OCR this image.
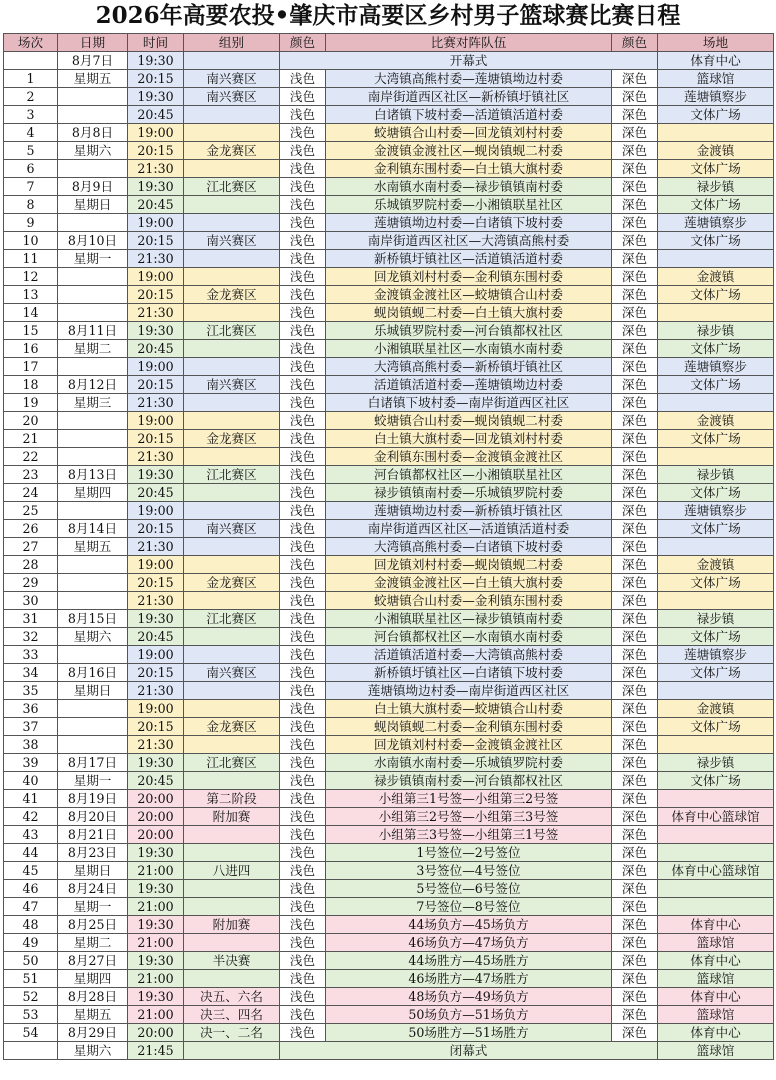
2026年高要农投•肇庆市高要区乡村男子篮球赛比赛日程
场次	日期	时间	组别	颜色	比赛对阵队伍	颜色	场地
	8月7日	19:30		开幕式			体育中心
1	星期五	20:15	南兴赛区	浅色	大湾镇高熊村委—莲塘镇坳边村委	深色	篮球馆
2		19:30	南兴赛区	浅色	南岸街道西区社区—新桥镇圩镇社区	深色	莲塘镇察步
3		20:45		浅色	白诸镇下坡村委—活道镇活道村委	深色	文体广场
4	8月8日	19:00		浅色	蛟塘镇合山村委—回龙镇刘村村委	深色	
5	星期六	20:15	金龙赛区	浅色	金渡镇金渡社区—蚬岗镇蚬二村委	深色	金渡镇
6		21:30		浅色	金利镇东围村委—白土镇大旗村委	深色	文体广场
7	8月9日	19:30	江北赛区	浅色	水南镇水南村委—禄步镇镇南村委	深色	禄步镇
8	星期日	20:45		浅色	乐城镇罗院村委—小湘镇联星社区	深色	文体广场
9		19:00		浅色	莲塘镇坳边村委—白诸镇下坡村委	深色	莲塘镇察步
10	8月10日	20:15	南兴赛区	浅色	南岸街道西区社区—大湾镇高熊村委	深色	文体广场
11	星期一	21:30		浅色	新桥镇圩镇社区—活道镇活道村委	深色	
12		19:00		浅色	回龙镇刘村村委—金利镇东围村委	深色	金渡镇
13		20:15	金龙赛区	浅色	金渡镇金渡社区—蛟塘镇合山村委	深色	文体广场
14		21:30		浅色	蚬岗镇蚬二村委—白土镇大旗村委	深色	
15	8月11日	19:30	江北赛区	浅色	乐城镇罗院村委—河台镇都权社区	深色	禄步镇
16	星期二	20:45		浅色	小湘镇联星社区—水南镇水南村委	深色	文体广场
17		19:00		浅色	大湾镇高熊村委—新桥镇圩镇社区	深色	莲塘镇察步
18	8月12日	20:15	南兴赛区	浅色	活道镇活道村委—莲塘镇坳边村委	深色	文体广场
19	星期三	21:30		浅色	白诸镇下坡村委—南岸街道西区社区	深色	
20		19:00		浅色	蛟塘镇合山村委—蚬岗镇蚬二村委	深色	金渡镇
21		20:15	金龙赛区	浅色	白土镇大旗村委—回龙镇刘村村委	深色	文体广场
22		21:30		浅色	金利镇东围村委—金渡镇金渡社区	深色	
23	8月13日	19:30	江北赛区	浅色	河台镇都权社区—小湘镇联星社区	深色	禄步镇
24	星期四	20:45		浅色	禄步镇镇南村委—乐城镇罗院村委	深色	文体广场
25		19:00		浅色	莲塘镇坳边村委—新桥镇圩镇社区	深色	莲塘镇察步
26	8月14日	20:15	南兴赛区	浅色	南岸街道西区社区—活道镇活道村委	深色	文体广场
27	星期五	21:30		浅色	大湾镇高熊村委—白诸镇下坡村委	深色	
28		19:00		浅色	回龙镇刘村村委—蚬岗镇蚬二村委	深色	金渡镇
29		20:15	金龙赛区	浅色	金渡镇金渡社区—白土镇大旗村委	深色	文体广场
30		21:30		浅色	蛟塘镇合山村委—金利镇东围村委	深色	
31	8月15日	19:30	江北赛区	浅色	小湘镇联星社区—禄步镇镇南村委	深色	禄步镇
32	星期六	20:45		浅色	河台镇都权社区—水南镇水南村委	深色	文体广场
33		19:00		浅色	活道镇活道村委—大湾镇高熊村委	深色	莲塘镇察步
34	8月16日	20:15	南兴赛区	浅色	新桥镇圩镇社区—白诸镇下坡村委	深色	文体广场
35	星期日	21:30		浅色	莲塘镇坳边村委—南岸街道西区社区	深色	
36		19:00		浅色	白土镇大旗村委—蛟塘镇合山村委	深色	金渡镇
37		20:15	金龙赛区	浅色	蚬岗镇蚬二村委—金利镇东围村委	深色	文体广场
38		21:30		浅色	回龙镇刘村村委—金渡镇金渡社区	深色	
39	8月17日	19:30	江北赛区	浅色	水南镇水南村委—乐城镇罗院村委	深色	禄步镇
40	星期一	20:45		浅色	禄步镇镇南村委—河台镇都权社区	深色	文体广场
41	8月19日	20:00	第二阶段	浅色	小组第三1号签—小组第三2号签	深色	
42	8月20日	20:00	附加赛	浅色	小组第三2号签—小组第三3号签	深色	体育中心篮球馆
43	8月21日	20:00		浅色	小组第三3号签—小组第三1号签	深色	
44	8月23日	19:30		浅色	1号签位—2号签位	深色	
45	星期日	21:00	八进四	浅色	3号签位—4号签位	深色	体育中心篮球馆
46	8月24日	19:30		浅色	5号签位—6号签位	深色	
47	星期一	21:00		浅色	7号签位—8号签位	深色	
48	8月25日	19:30	附加赛	浅色	44场负方—45场负方	深色	体育中心
49	星期二	21:00		浅色	46场负方—47场负方	深色	篮球馆
50	8月27日	19:30	半决赛	浅色	44场胜方—45场胜方	深色	体育中心
51	星期四	21:00		浅色	46场胜方—47场胜方	深色	篮球馆
52	8月28日	19:30	决五、六名	浅色	48场负方—49场负方	深色	体育中心
53	星期五	21:00	决三、四名	浅色	50场负方—51场负方	深色	篮球馆
54	8月29日	20:00	决一、二名	浅色	50场胜方—51场胜方	深色	体育中心
	星期六	21:45		闭幕式			篮球馆
